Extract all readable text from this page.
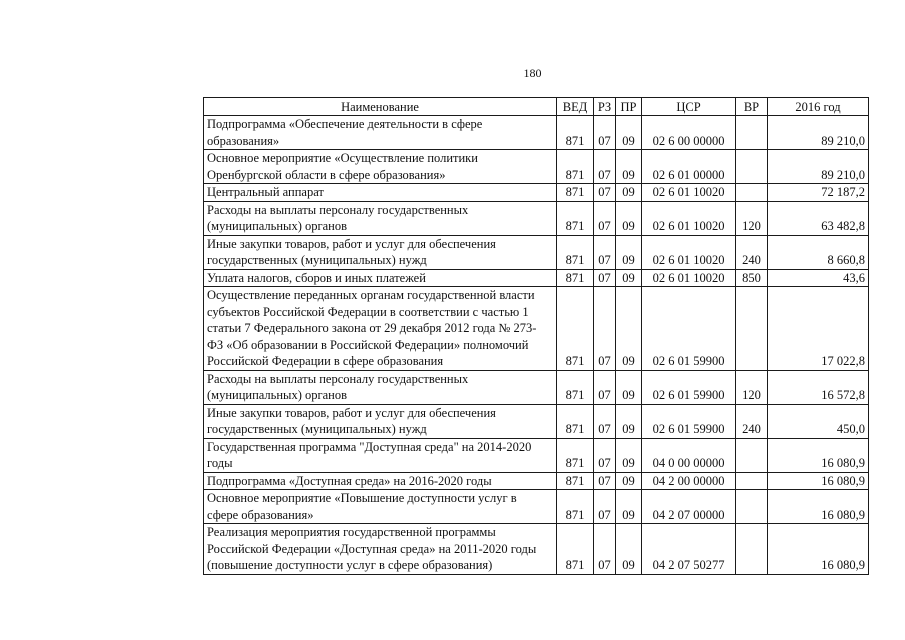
180
Наименование	ВЕД	РЗ	ПР	ЦСР	ВР	2016 год
Подпрограмма «Обеспечение деятельности в сфере
образования»	871	07	09	02 6 00 00000		89 210,0
Основное мероприятие «Осуществление политики
Оренбургской области в сфере образования»	871	07	09	02 6 01 00000		89 210,0
Центральный аппарат	871	07	09	02 6 01 10020		72 187,2
Расходы на выплаты персоналу государственных
(муниципальных) органов	871	07	09	02 6 01 10020	120	63 482,8
Иные закупки товаров, работ и услуг для обеспечения
государственных (муниципальных) нужд	871	07	09	02 6 01 10020	240	8 660,8
Уплата налогов, сборов и иных платежей	871	07	09	02 6 01 10020	850	43,6
Осуществление переданных органам государственной власти
субъектов Российской Федерации в соответствии с частью 1
статьи 7 Федерального закона от 29 декабря 2012 года № 273-
ФЗ «Об образовании в Российской Федерации» полномочий
Российской Федерации в сфере образования	871	07	09	02 6 01 59900		17 022,8
Расходы на выплаты персоналу государственных
(муниципальных) органов	871	07	09	02 6 01 59900	120	16 572,8
Иные закупки товаров, работ и услуг для обеспечения
государственных (муниципальных) нужд	871	07	09	02 6 01 59900	240	450,0
Государственная программа "Доступная среда" на 2014-2020
годы	871	07	09	04 0 00 00000		16 080,9
Подпрограмма «Доступная среда» на 2016-2020 годы	871	07	09	04 2 00 00000		16 080,9
Основное мероприятие «Повышение доступности услуг в
сфере образования»	871	07	09	04 2 07 00000		16 080,9
Реализация мероприятия государственной программы
Российской Федерации «Доступная среда» на 2011-2020 годы
(повышение доступности услуг в сфере образования)	871	07	09	04 2 07 50277		16 080,9
